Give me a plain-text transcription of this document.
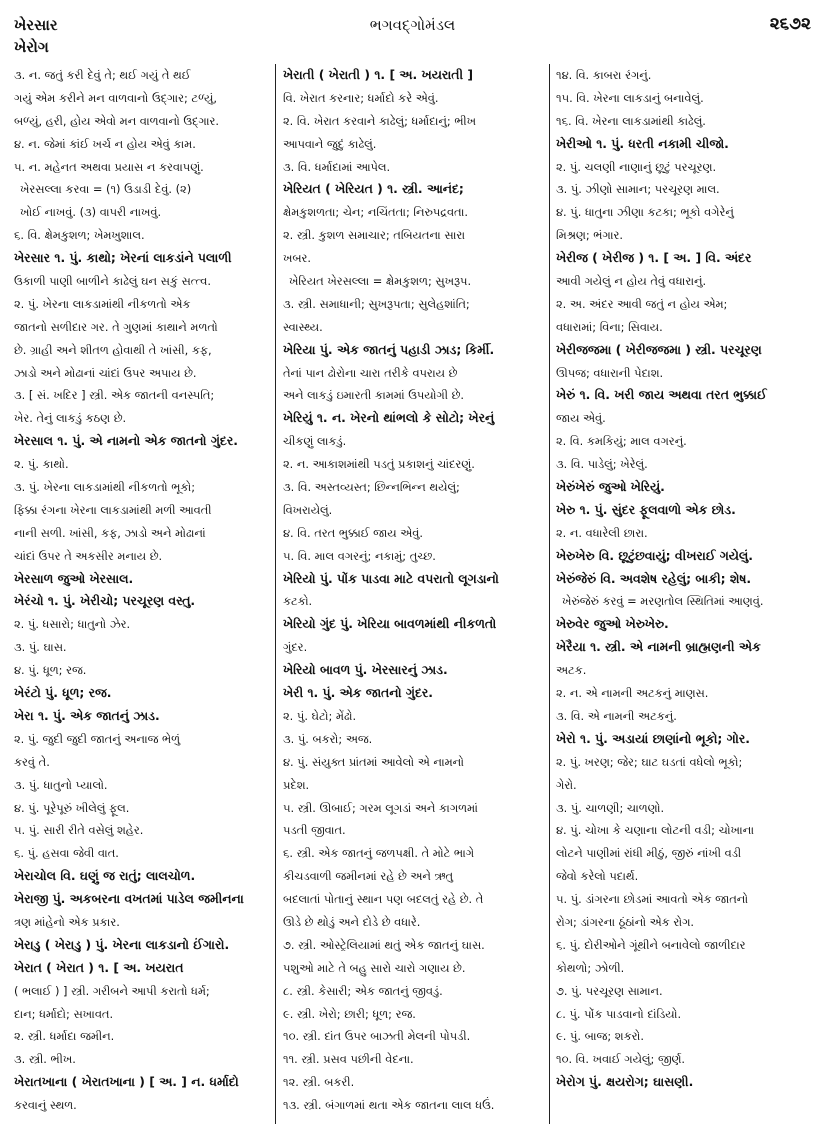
ખેરસાર
ખેરોગ
ભગવદ્ગોમંડલ	૨૬૭૨
૩. ન. જતું કરી દેવું તે; થઈ ગયું તે થઈ
ગયું એમ કરીને મન વાળવાનો ઉદ્ગાર; ટળ્યું,
બળ્યું, હરી, હોય એવો મન વાળવાનો ઉદ્ગાર.
૪. ન. જેમાં કાંઈ ખર્ચ ન હોય એવું કામ.
૫. ન. મહેનત અથવા પ્રયાસ ન કરવાપણું.
ખેરસલ્લા કરવા = (૧) ઉડાડી દેવું. (૨)
ખોઈ નાખવું. (૩) વાપરી નાખવું.
૬. વિ. ક્ષેમકુશળ; ખેમખુશાલ.
ખેરસાર ૧. પું. કાથો; ખેરનાં લાકડાંને પલાળી
ઉકાળી પાણી બાળીને કાઢેલું ઘન સકું સત્ત્વ.
૨. પું. ખેરના લાકડામાંથી નીકળતો એક
જાતનો સળીદાર ગર. તે ગુણમાં કાથાને મળતો
છે. ગ્રાહી અને શીતળ હોવાથી તે ખાંસી, કફ,
ઝાડો અને મોઢાનાં ચાંદાં ઉપર અપાય છે.
૩. [ સં. ખદિર ] સ્ત્રી. એક જાતની વનસ્પતિ;
ખેર. તેનું લાકડું કઠણ છે.
ખેરસાલ ૧. પું. એ નામનો એક જાતનો ગુંદર.
૨. પું. કાથો.
૩. પું. ખેરના લાકડામાંથી નીકળતો ભૂકો;
ફિક્કા રંગના ખેરના લાકડામાંથી મળી આવતી
નાની સળી. ખાંસી, કફ, ઝાડો અને મોઢાનાં
ચાંદાં ઉપર તે અકસીર મનાય છે.
ખેરસાળ જુઓ ખેરસાલ.
ખેરંચો ૧. પું. ખેરીચો; પરચૂરણ વસ્તુ.
૨. પું. ધસારો; ધાતુનો ઝેર.
૩. પું. ઘાસ.
૪. પું. ધૂળ; રજ.
ખેરંટો પું. ધૂળ; રજ.
ખેરા ૧. પું. એક જાતનું ઝાડ.
૨. પું. જુદી જુદી જાતનું અનાજ ભેળું
કરવું તે.
૩. પું. ધાતુનો પ્યાલો.
૪. પું. પૂરેપૂરું ખીલેલું ફૂલ.
૫. પું. સારી રીતે વસેલું શહેર.
૬. પું. હસવા જેવી વાત.
ખેરાચોલ વિ. ઘણું જ રાતું; લાલચોળ.
ખેરાજી પું. અકબરના વખતમાં પાડેલ જમીનના
ત્રણ માંહેનો એક પ્રકાર.
ખેરાડુ ( ખેરાડુ ) પું. ખેરના લાકડાનો ઈંગારો.
ખેરાત ( ખેરાત ) ૧. [ અ. ખયરાત
( ભલાઈ ) ] સ્ત્રી. ગરીબને આપી કરાતો ધર્મ;
દાન; ધર્માદો; સખાવત.
૨. સ્ત્રી. ધર્માદા જમીન.
૩. સ્ત્રી. ભીખ.
ખેરાતખાના ( ખેરાતખાના ) [ અ. ] ન. ધર્માદો
કરવાનું સ્થળ.
ખેરાતી ( ખેરાતી ) ૧. [ અ. ખયરાતી ]
વિ. ખેરાત કરનાર; ધર્માદો કરે એવું.
૨. વિ. ખેરાત કરવાને કાઢેલું; ધર્માદાનું; ભીખ
આપવાને જુદું કાઢેલું.
૩. વિ. ધર્માદામાં આપેલ.
ખેરિયત ( ખેરિયત ) ૧. સ્ત્રી. આનંદ;
ક્ષેમકુશળતા; ચેન; નચિંતતા; નિરુપદ્રવતા.
૨. સ્ત્રી. કુશળ સમાચાર; તબિયતના સારા
ખબર.
ખેરિયત ખેરસલ્લા = ક્ષેમકુશળ; સુખરૂપ.
૩. સ્ત્રી. સમાધાની; સુખરૂપતા; સુલેહશાંતિ;
સ્વાસ્થ્ય.
ખેરિયા પું. એક જાતનું પહાડી ઝાડ; કિર્મી.
તેનાં પાન ઢોરોના ચારા તરીકે વપરાય છે
અને લાકડું ઇમારતી કામમાં ઉપયોગી છે.
ખેરિયું ૧. ન. ખેરનો થાંભલો કે સોટો; ખેરનું
ચીકણું લાકડું.
૨. ન. આકાશમાંથી પડતું પ્રકાશનું ચાંદરણું.
૩. વિ. અસ્તવ્યસ્ત; છિન્નભિન્ન થયેલું;
વિખરાયેલું.
૪. વિ. તરત ભુક્કાઈ જાય એવું.
૫. વિ. માલ વગરનું; નકામું; તુચ્છ.
ખેરિયો પું. પોંક પાડવા માટે વપરાતો લૂગડાનો
કટકો.
ખેરિયો ગુંદ પું. ખેરિયા બાવળમાંથી નીકળતો
ગુંદર.
ખેરિયો બાવળ પું. ખેરસારનું ઝાડ.
ખેરી ૧. પું. એક જાતનો ગુંદર.
૨. પું. ઘેટો; મેંઢો.
૩. પું. બકરો; અજ.
૪. પું. સંયુક્ત પ્રાંતમાં આવેલો એ નામનો
પ્રદેશ.
૫. સ્ત્રી. ઊબાઈ; ગરમ લૂગડાં અને કાગળમાં
પડતી જીવાત.
૬. સ્ત્રી. એક જાતનું જળપક્ષી. તે મોટે ભાગે
કીચડવાળી જમીનમાં રહે છે અને ઋતુ
બદલાતાં પોતાનું સ્થાન પણ બદલતું રહે છે. તે
ઊડે છે થોડું અને દોડે છે વધારે.
૭. સ્ત્રી. ઓસ્ટ્રેલિયામાં થતું એક જાતનું ઘાસ.
પશુઓ માટે તે બહુ સારો ચારો ગણાય છે.
૮. સ્ત્રી. કેસારી; એક જાતનું જીવડું.
૯. સ્ત્રી. ખેરો; છારી; ધૂળ; રજ.
૧૦. સ્ત્રી. દાંત ઉપર બાઝતી મેલની પોપડી.
૧૧. સ્ત્રી. પ્રસવ પછીની વેદના.
૧૨. સ્ત્રી. બકરી.
૧૩. સ્ત્રી. બંગાળમાં થતા એક જાતના લાલ ધઉં.
૧૪. વિ. કાબરા રંગનું.
૧૫. વિ. ખેરના લાકડાનું બનાવેલું.
૧૬. વિ. ખેરના લાકડામાંથી કાઢેલું.
ખેરીઓ ૧. પું. ધરતી નકામી ચીજો.
૨. પું. ચલણી નાણાનું છૂટું પરચૂરણ.
૩. પું. ઝીણો સામાન; પરચૂરણ માલ.
૪. પું. ધાતુના ઝીણા કટકા; ભૂકો વગેરેનું
મિશ્રણ; ભંગાર.
ખેરીજ ( ખેરીજ ) ૧. [ અ. ] વિ. અંદર
આવી ગયેલું ન હોય તેવું વધારાનું.
૨. અ. અંદર આવી જતું ન હોય એમ;
વધારામાં; વિના; સિવાય.
ખેરીજજમા ( ખેરીજજમા ) સ્ત્રી. પરચૂરણ
ઊપજ; વધારાની પેદાશ.
ખેરું ૧. વિ. ખરી જાય અથવા તરત ભુક્કાઈ
જાય એવું.
૨. વિ. કમકિયું; માલ વગરનું.
૩. વિ. પાડેલું; ખેરેલું.
ખેરુંખેરું જુઓ ખેરિયું.
ખેરુ ૧. પું. સુંદર ફૂલવાળો એક છોડ.
૨. ન. વધારેલી છારા.
ખેરુખેરુ વિ. છૂટુંછવાયું; વીખરાઈ ગયેલું.
ખેરુંજેરું વિ. અવશેષ રહેલું; બાકી; શેષ.
ખેરુંજેરું કરવું = મરણતોલ સ્થિતિમાં આણવું.
ખેરુવેર જુઓ ખેરુખેરુ.
ખેરૈયા ૧. સ્ત્રી. એ નામની બ્રાહ્મણની એક
અટક.
૨. ન. એ નામની અટકનું માણસ.
૩. વિ. એ નામની અટકનું.
ખેરો ૧. પું. અડાયાં છાણાંનો ભૂકો; ગોર.
૨. પું. ખરણ; જેર; ઘાટ ઘડતાં વધેલો ભૂકો;
ગેરો.
૩. પું. ચાળણી; ચાળણો.
૪. પું. ચોખા કે ચણાના લોટની વડી; ચોખાના
લોટને પાણીમાં રાંધી મીઠું, જીરું નાંખી વડી
જેવો કરેલો પદાર્થ.
૫. પું. ડાંગરના છોડમાં આવતો એક જાતનો
રોગ; ડાંગરના ઠૂંઠાંનો એક રોગ.
૬. પું. દોરીઓને ગૂંથીને બનાવેલો જાળીદાર
કોથળો; ઝોળી.
૭. પું. પરચૂરણ સામાન.
૮. પું. પોંક પાડવાનો દાંડિયો.
૯. પું. બાજ; શકરો.
૧૦. વિ. ખવાઈ ગયેલું; જીર્ણ.
ખેરોગ પું. ક્ષયરોગ; ઘાસણી.
